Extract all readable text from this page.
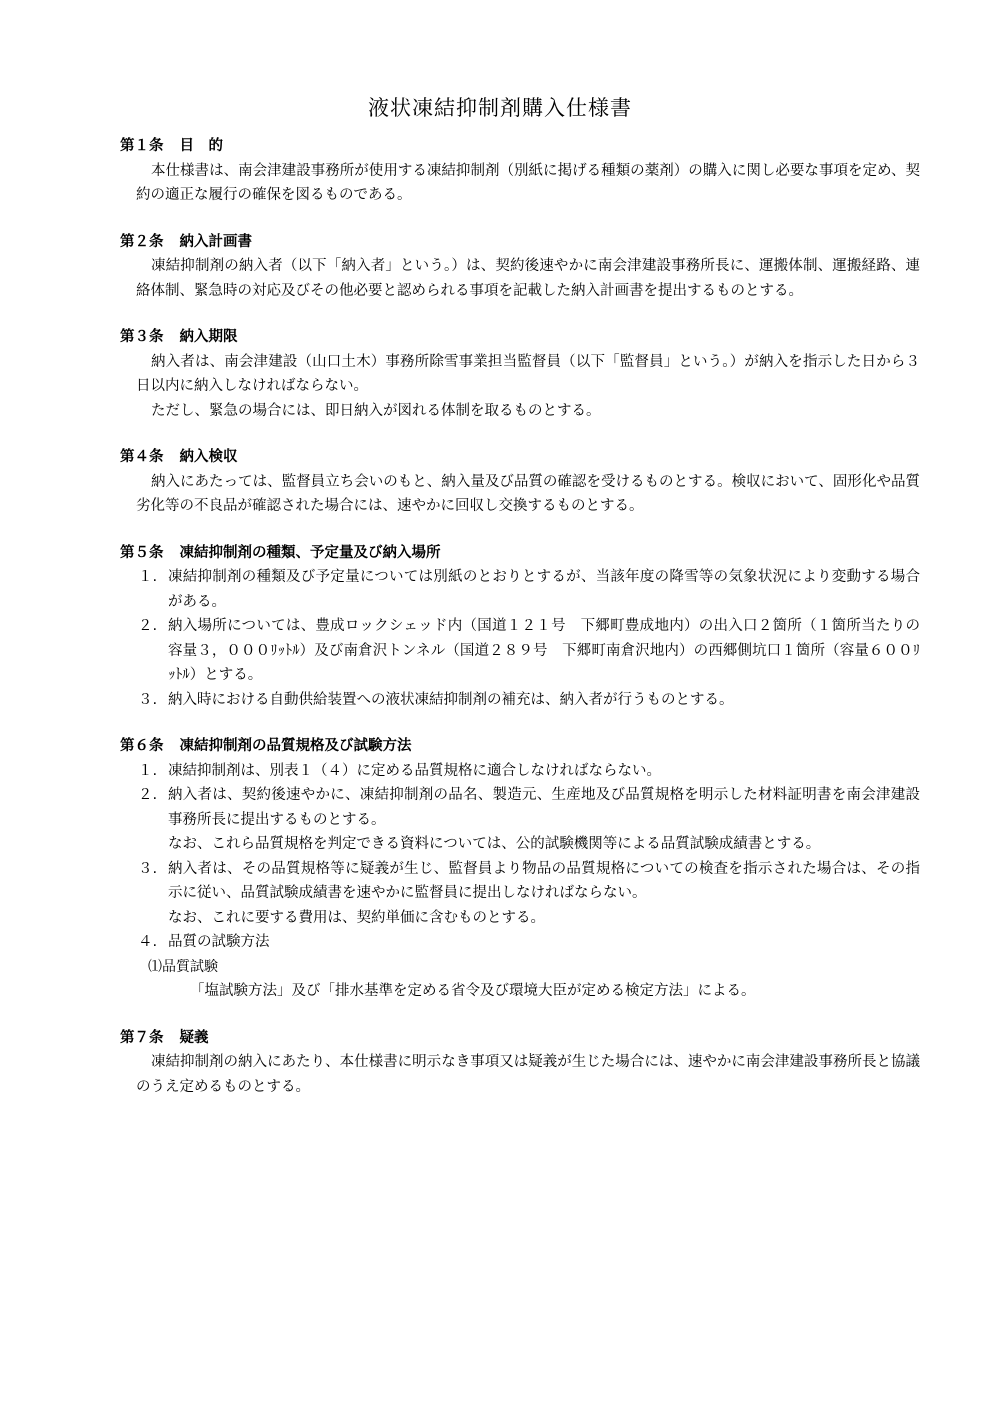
液状凍結抑制剤購入仕様書
第１条 目　的

本仕様書は、南会津建設事務所が使用する凍結抑制剤（別紙に掲げる種類の薬剤）の購入に関し必要な事項を定め、契約の適正な履行の確保を図るものである。

第２条 納入計画書

凍結抑制剤の納入者（以下「納入者」という。）は、契約後速やかに南会津建設事務所長に、運搬体制、運搬経路、連絡体制、緊急時の対応及びその他必要と認められる事項を記載した納入計画書を提出するものとする。

第３条 納入期限

納入者は、南会津建設（山口土木）事務所除雪事業担当監督員（以下「監督員」という。）が納入を指示した日から３日以内に納入しなければならない。

ただし、緊急の場合には、即日納入が図れる体制を取るものとする。

第４条 納入検収

納入にあたっては、監督員立ち会いのもと、納入量及び品質の確認を受けるものとする。検収において、固形化や品質劣化等の不良品が確認された場合には、速やかに回収し交換するものとする。

第５条 凍結抑制剤の種類、予定量及び納入場所
１. 凍結抑制剤の種類及び予定量については別紙のとおりとするが、当該年度の降雪等の気象状況により変動する場合がある。
２. 納入場所については、豊成ロックシェッド内（国道１２１号　下郷町豊成地内）の出入口２箇所（１箇所当たりの容量３，０００ﾘｯﾄﾙ）及び南倉沢トンネル（国道２８９号　下郷町南倉沢地内）の西郷側坑口１箇所（容量６００ﾘｯﾄﾙ）とする。
３. 納入時における自動供給装置への液状凍結抑制剤の補充は、納入者が行うものとする。
第６条 凍結抑制剤の品質規格及び試験方法
１. 凍結抑制剤は、別表１（４）に定める品質規格に適合しなければならない。
２. 納入者は、契約後速やかに、凍結抑制剤の品名、製造元、生産地及び品質規格を明示した材料証明書を南会津建設事務所長に提出するものとする。
なお、これら品質規格を判定できる資料については、公的試験機関等による品質試験成績書とする。
３. 納入者は、その品質規格等に疑義が生じ、監督員より物品の品質規格についての検査を指示された場合は、その指示に従い、品質試験成績書を速やかに監督員に提出しなければならない。
なお、これに要する費用は、契約単価に含むものとする。
４. 品質の試験方法
⑴品質試験
「塩試験方法」及び「排水基準を定める省令及び環境大臣が定める検定方法」による。
第７条 疑義

凍結抑制剤の納入にあたり、本仕様書に明示なき事項又は疑義が生じた場合には、速やかに南会津建設事務所長と協議のうえ定めるものとする。
